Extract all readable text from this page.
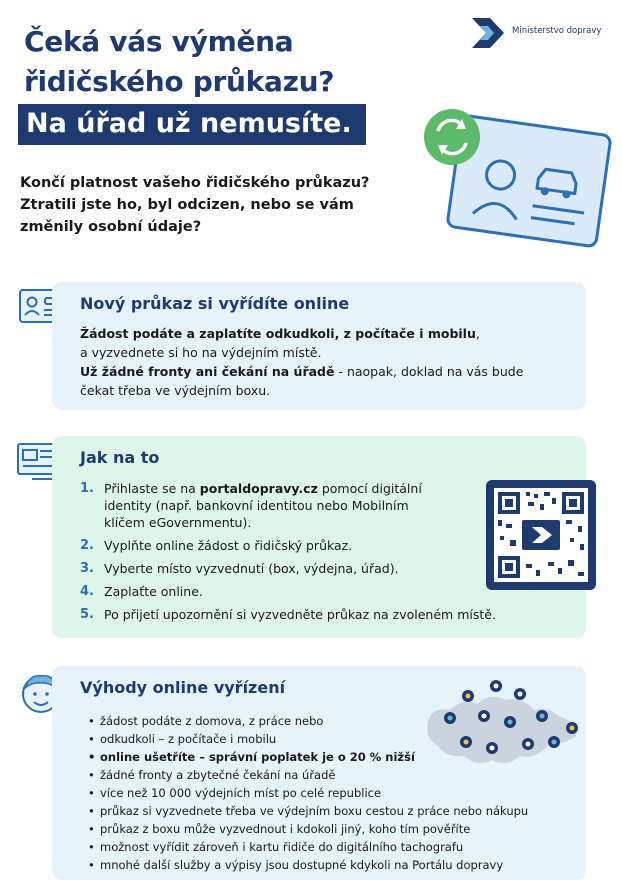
Čeká vás výměna
řidičského průkazu?
Na úřad už nemusíte.
Ministerstvo dopravy
Končí platnost vašeho řidičského průkazu?
Ztratili jste ho, byl odcizen, nebo se vám
změnily osobní údaje?
Nový průkaz si vyřídíte online
Žádost podáte a zaplatíte odkudkoli, z počítače i mobilu,
a vyzvednete si ho na výdejním místě.
Už žádné fronty ani čekání na úřadě - naopak, doklad na vás bude
čekat třeba ve výdejním boxu.
Jak na to
1. Přihlaste se na portaldopravy.cz pomocí digitální
identity (např. bankovní identitou nebo Mobilním
klíčem eGovernmentu).
2. Vyplňte online žádost o řidičský průkaz.
3. Vyberte místo vyzvednutí (box, výdejna, úřad).
4. Zaplaťte online.
5. Po přijetí upozornění si vyzvedněte průkaz na zvoleném místě.
Výhody online vyřízení
• žádost podáte z domova, z práce nebo
• odkudkoli – z počítače i mobilu
• online ušetříte – správní poplatek je o 20 % nižší
• žádné fronty a zbytečné čekání na úřadě
• více než 10 000 výdejních míst po celé republice
• průkaz si vyzvednete třeba ve výdejním boxu cestou z práce nebo nákupu
• průkaz z boxu může vyzvednout i kdokoli jiný, koho tím pověříte
• možnost vyřídit zároveň i kartu řidiče do digitálního tachografu
• mnohé další služby a výpisy jsou dostupné kdykoli na Portálu dopravy
